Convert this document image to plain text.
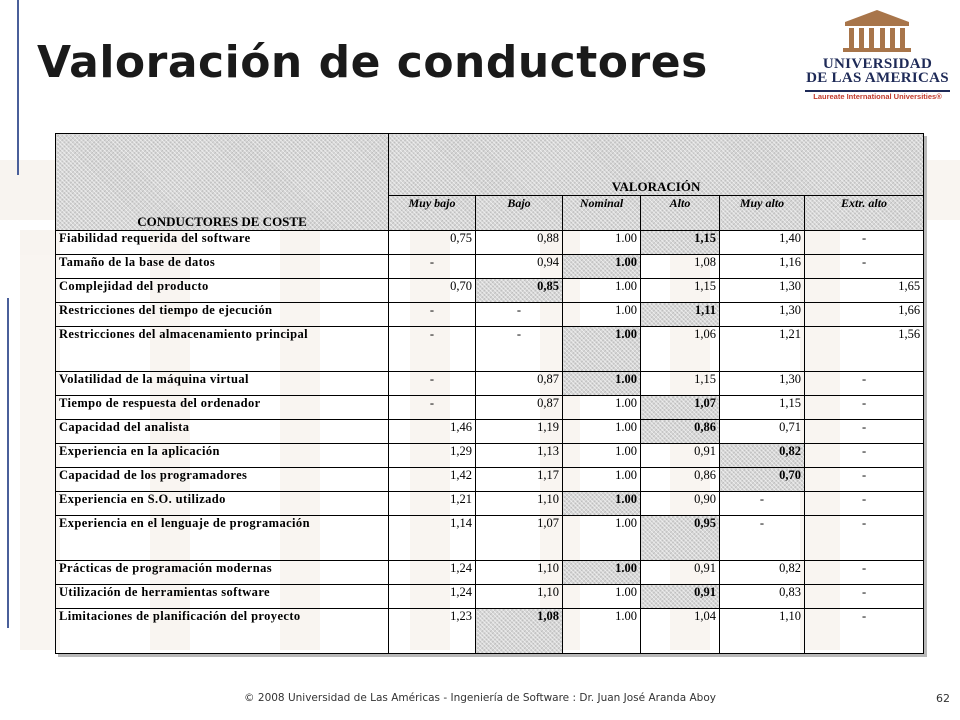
Valoración de conductores	UNIVERSIDAD
DE LAS AMERICAS
Laureate International Universities®
CONDUCTORES DE COSTE	VALORACIÓN					
	Muy bajo	Bajo	Nominal	Alto	Muy alto	Extr. alto
Fiabilidad requerida del software	0,75	0,88	1.00	1,15	1,40	-
Tamaño de la base de datos	-	0,94	1.00	1,08	1,16	-
Complejidad del producto	0,70	0,85	1.00	1,15	1,30	1,65
Restricciones del tiempo de ejecución	-	-	1.00	1,11	1,30	1,66
Restricciones del almacenamiento principal	-	-	1.00	1,06	1,21	1,56
Volatilidad de la máquina virtual	-	0,87	1.00	1,15	1,30	-
Tiempo de respuesta del ordenador	-	0,87	1.00	1,07	1,15	-
Capacidad del analista	1,46	1,19	1.00	0,86	0,71	-
Experiencia en la aplicación	1,29	1,13	1.00	0,91	0,82	-
Capacidad de los programadores	1,42	1,17	1.00	0,86	0,70	-
Experiencia en S.O. utilizado	1,21	1,10	1.00	0,90	-	-
Experiencia en el lenguaje de programación	1,14	1,07	1.00	0,95	-	-
Prácticas de programación modernas	1,24	1,10	1.00	0,91	0,82	-
Utilización de herramientas software	1,24	1,10	1.00	0,91	0,83	-
Limitaciones de planificación del proyecto	1,23	1,08	1.00	1,04	1,10	-
© 2008 Universidad de Las Américas - Ingeniería de Software : Dr. Juan José Aranda Aboy	62
